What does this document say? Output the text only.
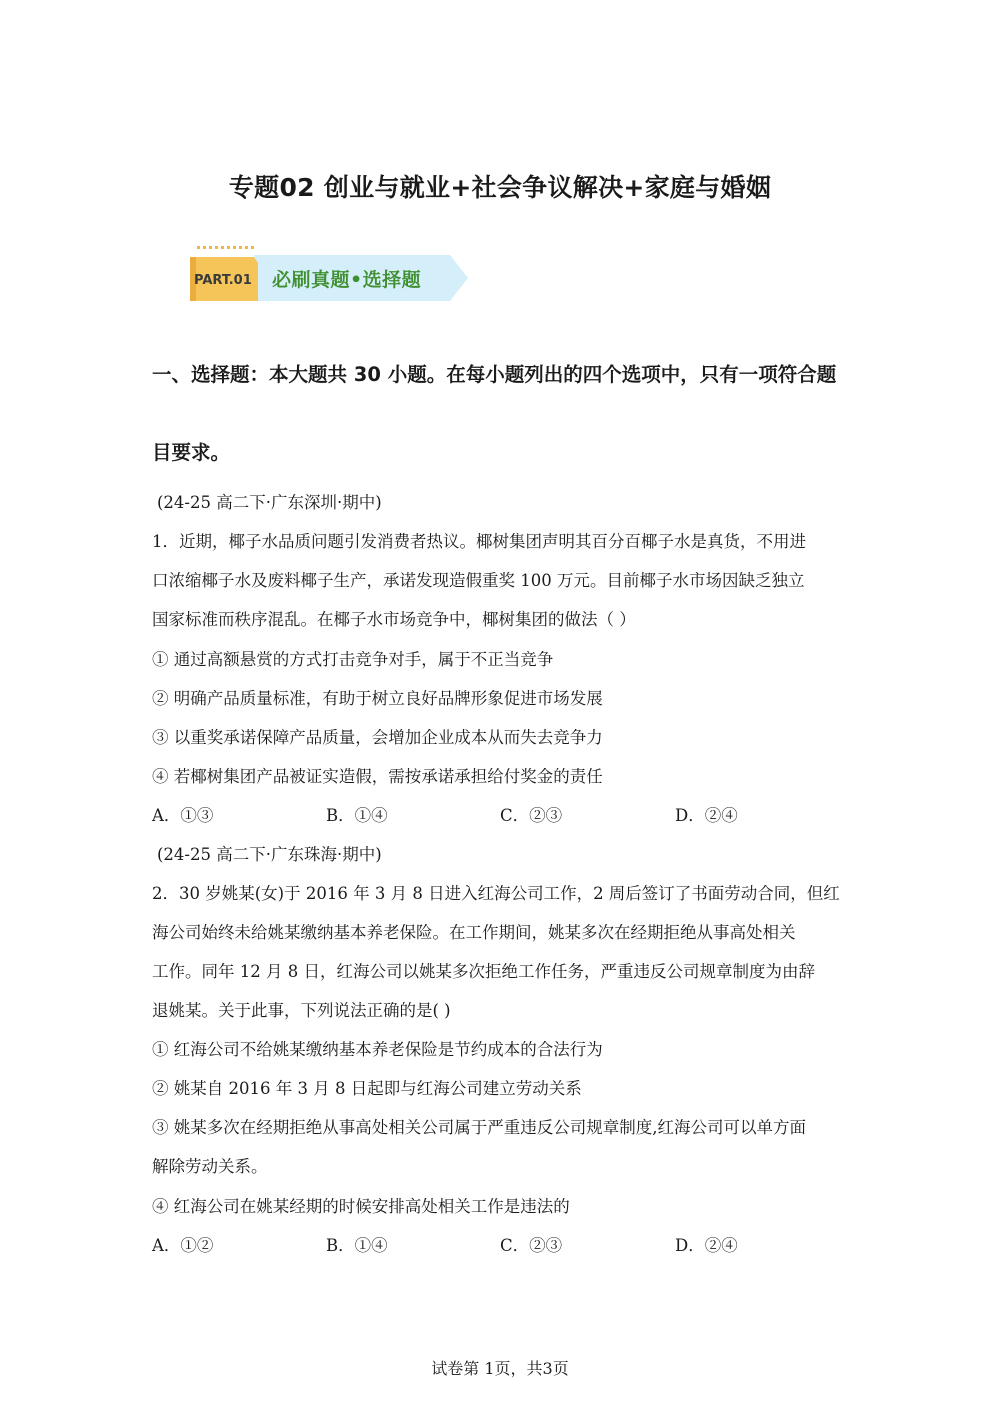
专题02 创业与就业+社会争议解决+家庭与婚姻
PART.01 必刷真题•选择题

一、选择题：本大题共 30 小题。在每小题列出的四个选项中，只有一项符合题

目要求。

(24-25 高二下·广东深圳·期中)
1．近期，椰子水品质问题引发消费者热议。椰树集团声明其百分百椰子水是真货，不用进
口浓缩椰子水及废料椰子生产，承诺发现造假重奖 100 万元。目前椰子水市场因缺乏独立
国家标准而秩序混乱。在椰子水市场竞争中，椰树集团的做法（ ）
① 通过高额悬赏的方式打击竞争对手，属于不正当竞争
② 明确产品质量标准，有助于树立良好品牌形象促进市场发展
③ 以重奖承诺保障产品质量，会增加企业成本从而失去竞争力
④ 若椰树集团产品被证实造假，需按承诺承担给付奖金的责任
A．①③	B．①④	C．②③	D．②④
(24-25 高二下·广东珠海·期中)
2．30 岁姚某(女)于 2016 年 3 月 8 日进入红海公司工作，2 周后签订了书面劳动合同，但红
海公司始终未给姚某缴纳基本养老保险。在工作期间，姚某多次在经期拒绝从事高处相关
工作。同年 12 月 8 日，红海公司以姚某多次拒绝工作任务，严重违反公司规章制度为由辞
退姚某。关于此事，下列说法正确的是( )
① 红海公司不给姚某缴纳基本养老保险是节约成本的合法行为
② 姚某自 2016 年 3 月 8 日起即与红海公司建立劳动关系
③ 姚某多次在经期拒绝从事高处相关公司属于严重违反公司规章制度,红海公司可以单方面
解除劳动关系。
④ 红海公司在姚某经期的时候安排高处相关工作是违法的
A．①②	B．①④	C．②③	D．②④
试卷第 1页，共3页
